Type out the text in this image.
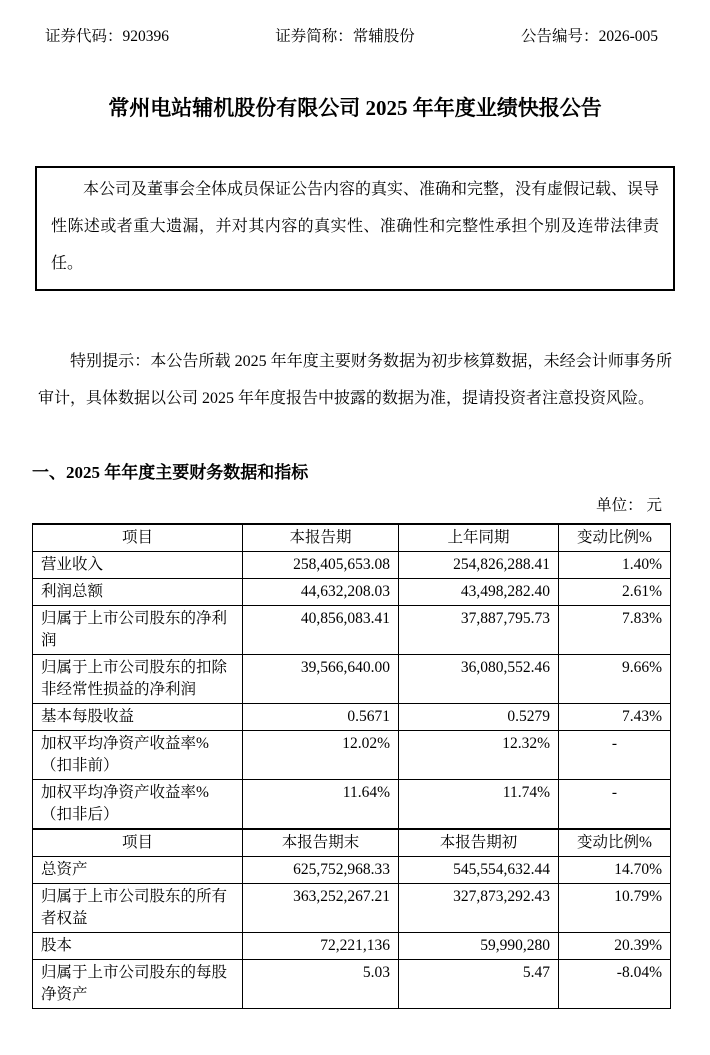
证券代码：920396	证券简称：常辅股份	公告编号：2026-005
常州电站辅机股份有限公司 2025 年年度业绩快报公告

本公司及董事会全体成员保证公告内容的真实、准确和完整，没有虚假记载、误导性陈述或者重大遗漏，并对其内容的真实性、准确性和完整性承担个别及连带法律责任。

特别提示：本公告所载 2025 年年度主要财务数据为初步核算数据，未经会计师事务所审计，具体数据以公司 2025 年年度报告中披露的数据为准，提请投资者注意投资风险。

一、2025 年年度主要财务数据和指标
单位： 元
项目	本报告期	上年同期	变动比例%
营业收入	258,405,653.08	254,826,288.41	1.40%
利润总额	44,632,208.03	43,498,282.40	2.61%
归属于上市公司股东的净利润	40,856,083.41	37,887,795.73	7.83%
归属于上市公司股东的扣除非经常性损益的净利润	39,566,640.00	36,080,552.46	9.66%
基本每股收益	0.5671	0.5279	7.43%
加权平均净资产收益率%（扣非前）	12.02%	12.32%	-
加权平均净资产收益率%（扣非后）	11.64%	11.74%	-
项目	本报告期末	本报告期初	变动比例%
总资产	625,752,968.33	545,554,632.44	14.70%
归属于上市公司股东的所有者权益	363,252,267.21	327,873,292.43	10.79%
股本	72,221,136	59,990,280	20.39%
归属于上市公司股东的每股净资产	5.03	5.47	-8.04%
